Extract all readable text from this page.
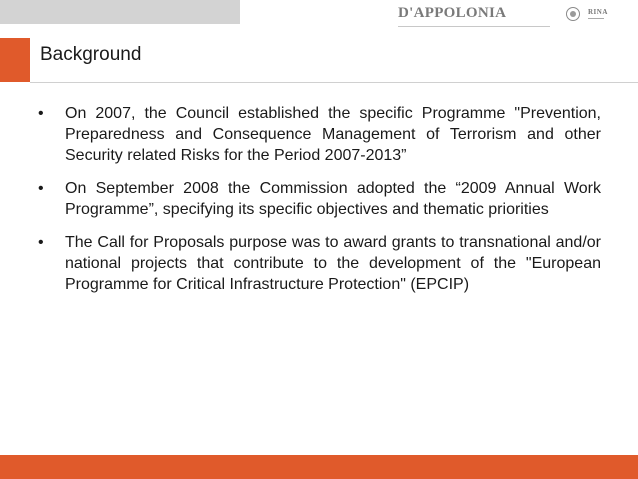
D'APPOLONIA	RINA
Background
• On 2007, the Council established the specific Programme "Prevention, Preparedness and Consequence Management of Terrorism and other Security related Risks for the Period 2007-2013”
• On September 2008 the Commission adopted the “2009 Annual Work Programme”, specifying its specific objectives and thematic priorities
• The Call for Proposals purpose was to award grants to transnational and/or national projects that contribute to the development of the "European Programme for Critical Infrastructure Protection" (EPCIP)
